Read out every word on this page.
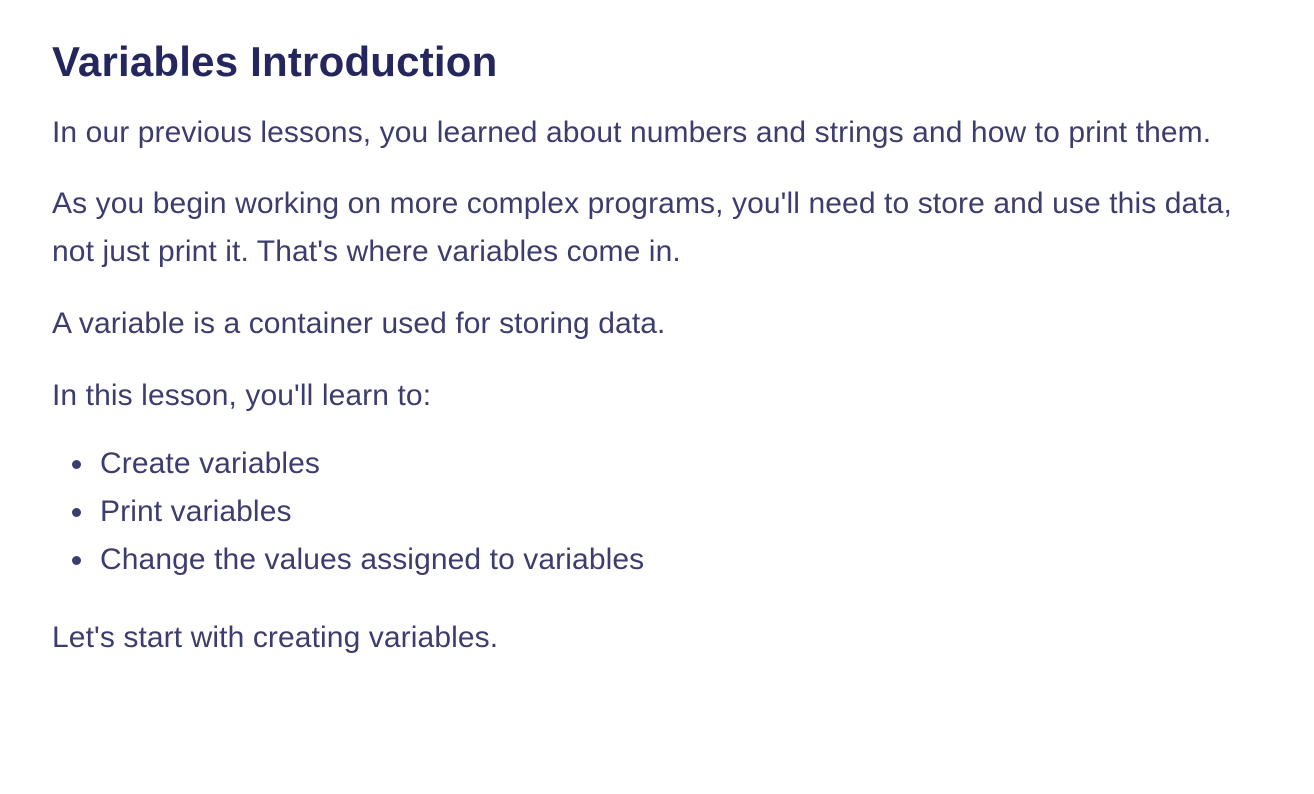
Variables Introduction

In our previous lessons, you learned about numbers and strings and how to print them.

As you begin working on more complex programs, you'll need to store and use this data, not just print it. That's where variables come in.

A variable is a container used for storing data.

In this lesson, you'll learn to:

Create variables
Print variables
Change the values assigned to variables

Let's start with creating variables.
